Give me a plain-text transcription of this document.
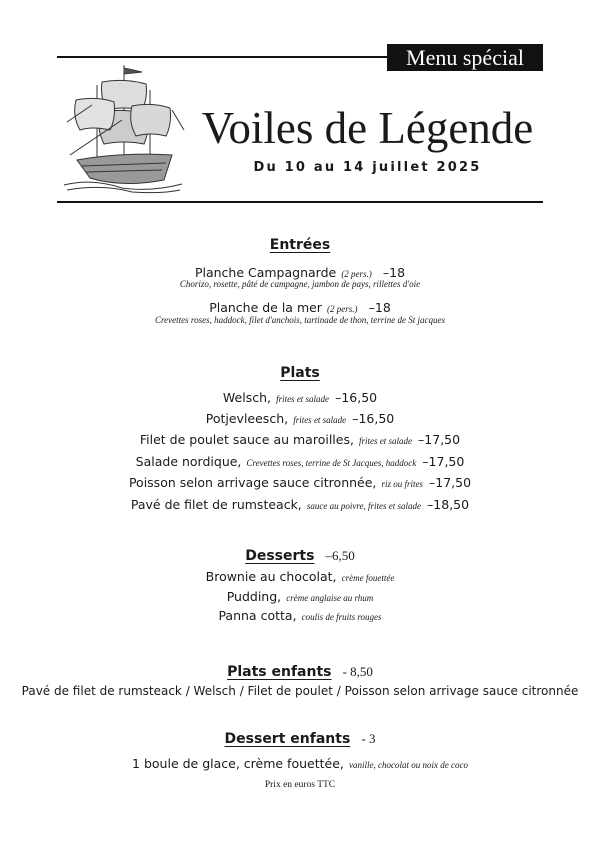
Menu spécial
Voiles de Légende
Du 10 au 14 juillet 2025
Entrées
Planche Campagnarde (2 pers.) –18
Chorizo, rosette, pâté de campagne, jambon de pays, rillettes d'oie
Planche de la mer (2 pers.) –18
Crevettes roses, haddock, filet d'anchois, tartinade de thon, terrine de St jacques
Plats
Welsch, frites et salade –16,50
Potjevleesch, frites et salade –16,50
Filet de poulet sauce au maroilles, frites et salade –17,50
Salade nordique, Crevettes roses, terrine de St Jacques, haddock –17,50
Poisson selon arrivage sauce citronnée, riz ou frites –17,50
Pavé de filet de rumsteack, sauce au poivre, frites et salade –18,50
Desserts –6,50
Brownie au chocolat, crème fouettée
Pudding, crème anglaise au rhum
Panna cotta, coulis de fruits rouges
Plats enfants - 8,50
Pavé de filet de rumsteack / Welsch / Filet de poulet / Poisson selon arrivage sauce citronnée
Dessert enfants - 3
1 boule de glace, crème fouettée, vanille, chocolat ou noix de coco
Prix en euros TTC
